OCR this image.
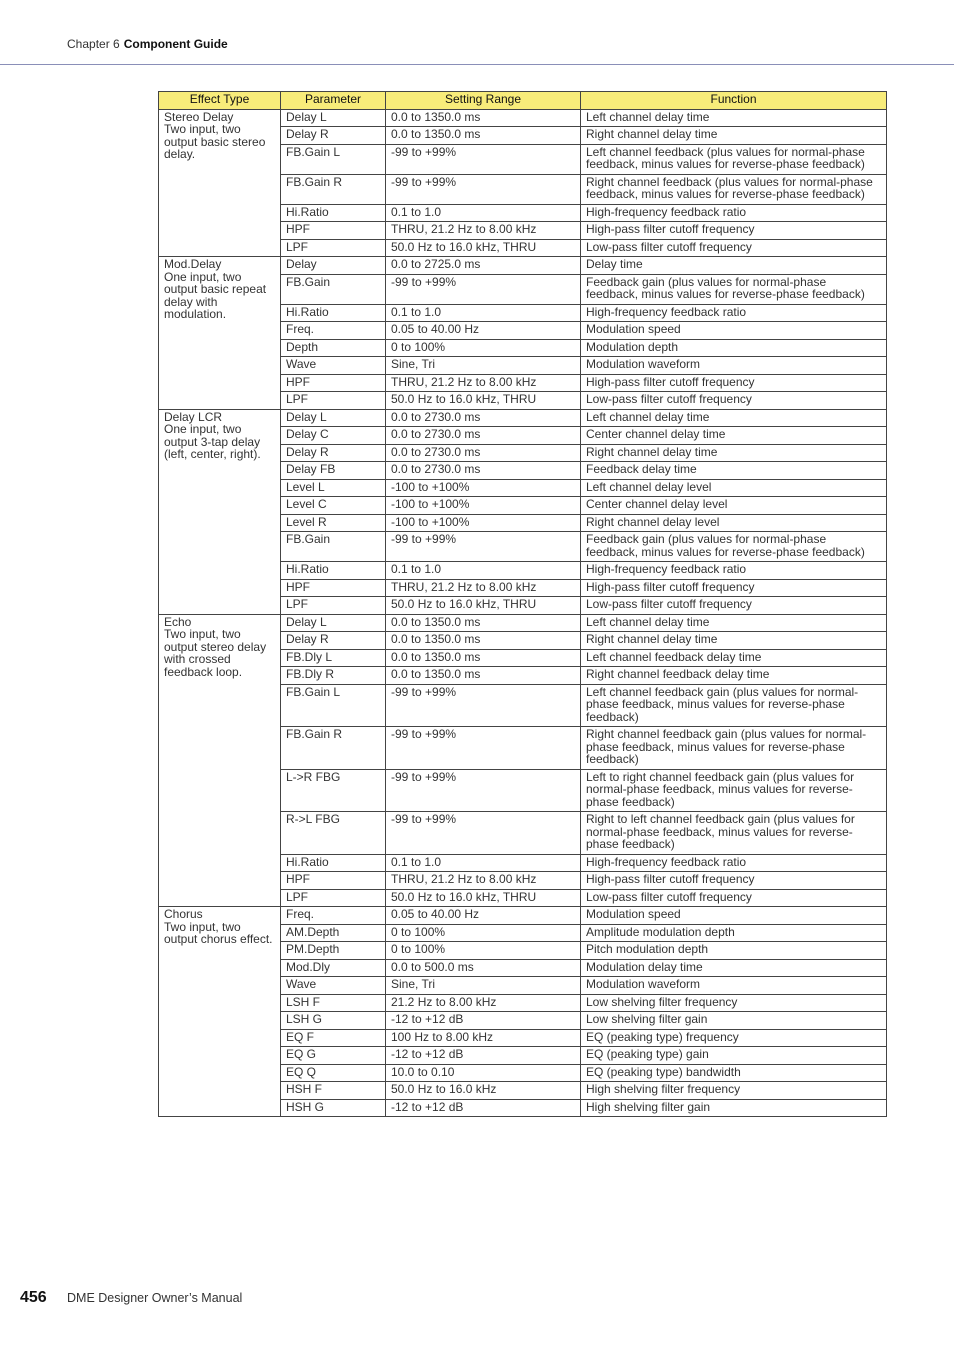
Chapter 6 Component Guide
Effect Type	Parameter	Setting Range	Function

Stereo Delay
Two input, two output basic stereo delay.	Delay L	0.0 to 1350.0 ms	Left channel delay time
	Delay R	0.0 to 1350.0 ms	Right channel delay time
	FB.Gain L	-99 to +99%	Left channel feedback (plus values for normal-phase feedback, minus values for reverse-phase feedback)
	FB.Gain R	-99 to +99%	Right channel feedback (plus values for normal-phase feedback, minus values for reverse-phase feedback)
	Hi.Ratio	0.1 to 1.0	High-frequency feedback ratio
	HPF	THRU, 21.2 Hz to 8.00 kHz	High-pass filter cutoff frequency
	LPF	50.0 Hz to 16.0 kHz, THRU	Low-pass filter cutoff frequency

Mod.Delay
One input, two output basic repeat delay with modulation.	Delay	0.0 to 2725.0 ms	Delay time
	FB.Gain	-99 to +99%	Feedback gain (plus values for normal-phase feedback, minus values for reverse-phase feedback)
	Hi.Ratio	0.1 to 1.0	High-frequency feedback ratio
	Freq.	0.05 to 40.00 Hz	Modulation speed
	Depth	0 to 100%	Modulation depth
	Wave	Sine, Tri	Modulation waveform
	HPF	THRU, 21.2 Hz to 8.00 kHz	High-pass filter cutoff frequency
	LPF	50.0 Hz to 16.0 kHz, THRU	Low-pass filter cutoff frequency

Delay LCR
One input, two output 3-tap delay (left, center, right).	Delay L	0.0 to 2730.0 ms	Left channel delay time
	Delay C	0.0 to 2730.0 ms	Center channel delay time
	Delay R	0.0 to 2730.0 ms	Right channel delay time
	Delay FB	0.0 to 2730.0 ms	Feedback delay time
	Level L	-100 to +100%	Left channel delay level
	Level C	-100 to +100%	Center channel delay level
	Level R	-100 to +100%	Right channel delay level
	FB.Gain	-99 to +99%	Feedback gain (plus values for normal-phase feedback, minus values for reverse-phase feedback)
	Hi.Ratio	0.1 to 1.0	High-frequency feedback ratio
	HPF	THRU, 21.2 Hz to 8.00 kHz	High-pass filter cutoff frequency
	LPF	50.0 Hz to 16.0 kHz, THRU	Low-pass filter cutoff frequency

Echo
Two input, two output stereo delay with crossed feedback loop.	Delay L	0.0 to 1350.0 ms	Left channel delay time
	Delay R	0.0 to 1350.0 ms	Right channel delay time
	FB.Dly L	0.0 to 1350.0 ms	Left channel feedback delay time
	FB.Dly R	0.0 to 1350.0 ms	Right channel feedback delay time
	FB.Gain L	-99 to +99%	Left channel feedback gain (plus values for normal-phase feedback, minus values for reverse-phase feedback)
	FB.Gain R	-99 to +99%	Right channel feedback gain (plus values for normal-phase feedback, minus values for reverse-phase feedback)
	L->R FBG	-99 to +99%	Left to right channel feedback gain (plus values for normal-phase feedback, minus values for reverse-phase feedback)
	R->L FBG	-99 to +99%	Right to left channel feedback gain (plus values for normal-phase feedback, minus values for reverse-phase feedback)
	Hi.Ratio	0.1 to 1.0	High-frequency feedback ratio
	HPF	THRU, 21.2 Hz to 8.00 kHz	High-pass filter cutoff frequency
	LPF	50.0 Hz to 16.0 kHz, THRU	Low-pass filter cutoff frequency

Chorus
Two input, two output chorus effect.	Freq.	0.05 to 40.00 Hz	Modulation speed
	AM.Depth	0 to 100%	Amplitude modulation depth
	PM.Depth	0 to 100%	Pitch modulation depth
	Mod.Dly	0.0 to 500.0 ms	Modulation delay time
	Wave	Sine, Tri	Modulation waveform
	LSH F	21.2 Hz to 8.00 kHz	Low shelving filter frequency
	LSH G	-12 to +12 dB	Low shelving filter gain
	EQ F	100 Hz to 8.00 kHz	EQ (peaking type) frequency
	EQ G	-12 to +12 dB	EQ (peaking type) gain
	EQ Q	10.0 to 0.10	EQ (peaking type) bandwidth
	HSH F	50.0 Hz to 16.0 kHz	High shelving filter frequency
	HSH G	-12 to +12 dB	High shelving filter gain
456 DME Designer Owner’s Manual
